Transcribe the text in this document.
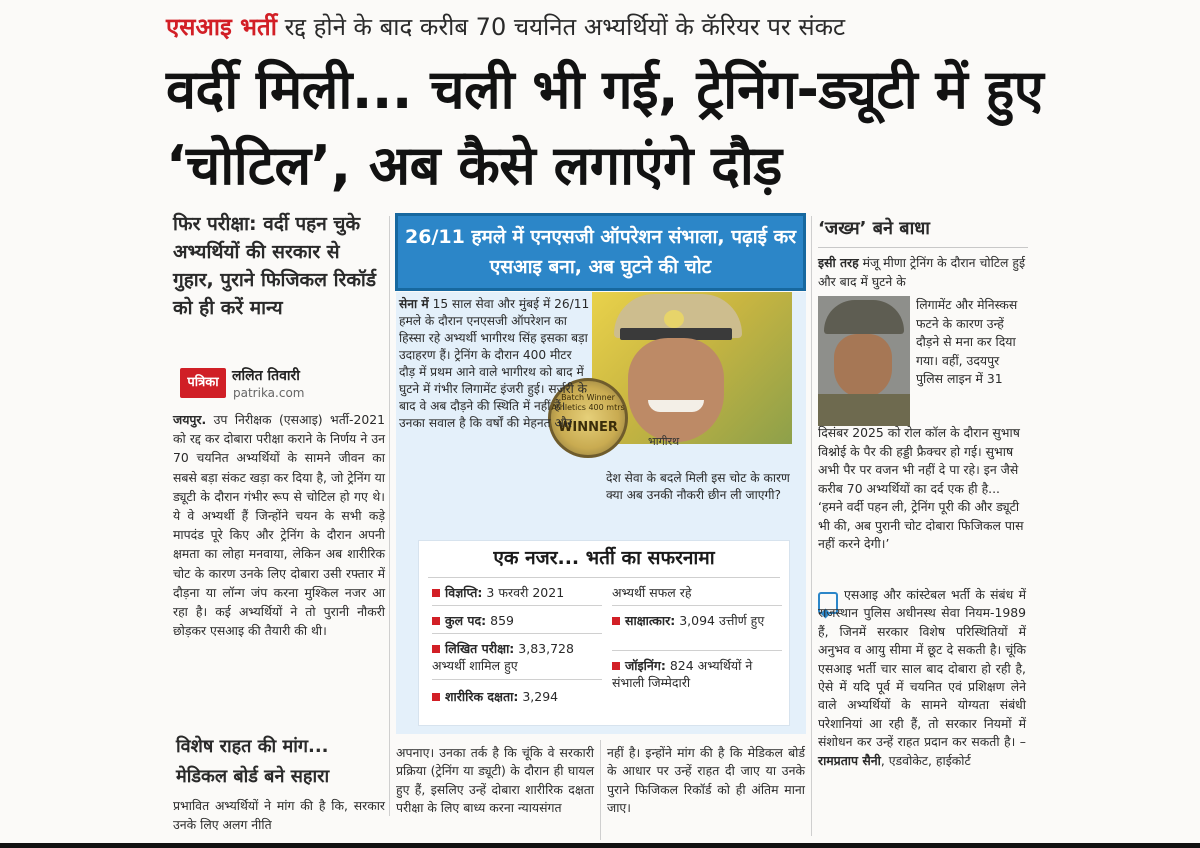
एसआइ भर्ती रद्द होने के बाद करीब 70 चयनित अभ्यर्थियों के कॅरियर पर संकट
वर्दी मिली... चली भी गई, ट्रेनिंग-ड्यूटी में हुए ‘चोटिल’, अब कैसे लगाएंगे दौड़
फिर परीक्षा: वर्दी पहन चुके अभ्यर्थियों की सरकार से गुहार, पुराने फिजिकल रिकॉर्ड को ही करें मान्य
पत्रिका ललित तिवारी
patrika.com
जयपुर. उप निरीक्षक (एसआइ) भर्ती-2021 को रद्द कर दोबारा परीक्षा कराने के निर्णय ने उन 70 चयनित अभ्यर्थियों के सामने जीवन का सबसे बड़ा संकट खड़ा कर दिया है, जो ट्रेनिंग या ड्यूटी के दौरान गंभीर रूप से चोटिल हो गए थे। ये वे अभ्यर्थी हैं जिन्होंने चयन के सभी कड़े मापदंड पूरे किए और ट्रेनिंग के दौरान अपनी क्षमता का लोहा मनवाया, लेकिन अब शारीरिक चोट के कारण उनके लिए दोबारा उसी रफ्तार में दौड़ना या लॉन्ग जंप करना मुश्किल नजर आ रहा है। कई अभ्यर्थियों ने तो पुरानी नौकरी छोड़कर एसआइ की तैयारी की थी।
विशेष राहत की मांग... मेडिकल बोर्ड बने सहारा
प्रभावित अभ्यर्थियों ने मांग की है कि, सरकार उनके लिए अलग नीति
26/11 हमले में एनएसजी ऑपरेशन संभाला, पढ़ाई कर एसआइ बना, अब घुटने की चोट
Batch Winner Athletics 400 mtrs
WINNER
भागीरथ
सेना में 15 साल सेवा और मुंबई में 26/11 हमले के दौरान एनएसजी ऑपरेशन का हिस्सा रहे अभ्यर्थी भागीरथ सिंह इसका बड़ा उदाहरण हैं। ट्रेनिंग के दौरान 400 मीटर दौड़ में प्रथम आने वाले भागीरथ को बाद में घुटने में गंभीर लिगामेंट इंजरी हुई। सर्जरी के बाद वे अब दौड़ने की स्थिति में नहीं हैं। उनका सवाल है कि वर्षों की मेहनत और
देश सेवा के बदले मिली इस चोट के कारण क्या अब उनकी नौकरी छीन ली जाएगी?
एक नजर... भर्ती का सफरनामा
विज्ञप्ति: 3 फरवरी 2021
कुल पद: 859
लिखित परीक्षा: 3,83,728 अभ्यर्थी शामिल हुए
शारीरिक दक्षता: 3,294
अभ्यर्थी सफल रहे
साक्षात्कार: 3,094 उत्तीर्ण हुए
जॉइनिंग: 824 अभ्यर्थियों ने संभाली जिम्मेदारी
अपनाए। उनका तर्क है कि चूंकि वे सरकारी प्रक्रिया (ट्रेनिंग या ड्यूटी) के दौरान ही घायल हुए हैं, इसलिए उन्हें दोबारा शारीरिक दक्षता परीक्षा के लिए बाध्य करना न्यायसंगत
नहीं है। इन्होंने मांग की है कि मेडिकल बोर्ड के आधार पर उन्हें राहत दी जाए या उनके पुराने फिजिकल रिकॉर्ड को ही अंतिम माना जाए।
‘जख्म’ बने बाधा
इसी तरह मंजू मीणा ट्रेनिंग के दौरान चोटिल हुई और बाद में घुटने के
लिगामेंट और मेनिस्कस फटने के कारण उन्हें दौड़ने से मना कर दिया गया। वहीं, उदयपुर पुलिस लाइन में 31
दिसंबर 2025 को रोल कॉल के दौरान सुभाष विश्नोई के पैर की हड्डी फ्रैक्चर हो गई। सुभाष अभी पैर पर वजन भी नहीं दे पा रहे। इन जैसे करीब 70 अभ्यर्थियों का दर्द एक ही है... ‘हमने वर्दी पहन ली, ट्रेनिंग पूरी की और ड्यूटी भी की, अब पुरानी चोट दोबारा फिजिकल पास नहीं करने देगी।’
एसआइ और कांस्टेबल भर्ती के संबंध में राजस्थान पुलिस अधीनस्थ सेवा नियम-1989 हैं, जिनमें सरकार विशेष परिस्थितियों में अनुभव व आयु सीमा में छूट दे सकती है। चूंकि एसआइ भर्ती चार साल बाद दोबारा हो रही है, ऐसे में यदि पूर्व में चयनित एवं प्रशिक्षण लेने वाले अभ्यर्थियों के सामने योग्यता संबंधी परेशानियां आ रही हैं, तो सरकार नियमों में संशोधन कर उन्हें राहत प्रदान कर सकती है। –रामप्रताप सैनी, एडवोकेट, हाईकोर्ट
